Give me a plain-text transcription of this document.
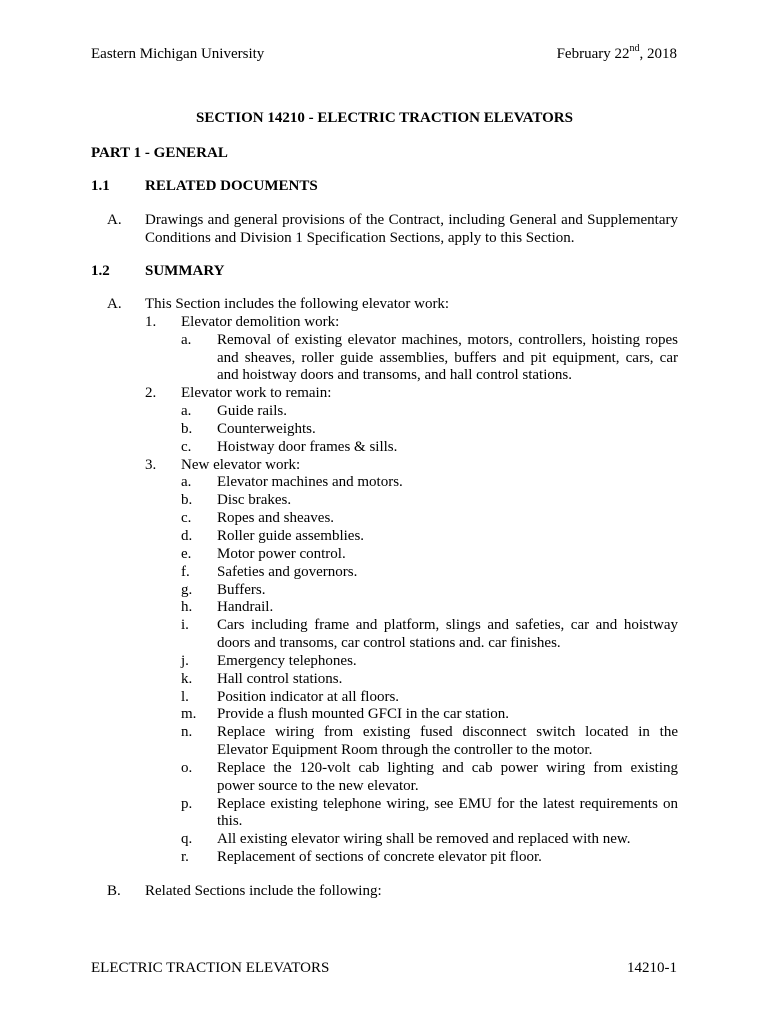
Eastern Michigan University	February 22nd, 2018
SECTION 14210 - ELECTRIC TRACTION ELEVATORS
PART 1 - GENERAL
1.1 RELATED DOCUMENTS
A. Drawings and general provisions of the Contract, including General and Supplementary
Conditions and Division 1 Specification Sections, apply to this Section.
1.2 SUMMARY
A. This Section includes the following elevator work:
1. Elevator demolition work:
a. Removal of existing elevator machines, motors, controllers, hoisting ropes
and sheaves, roller guide assemblies, buffers and pit equipment, cars, car
and hoistway doors and transoms, and hall control stations.
2. Elevator work to remain:
a. Guide rails.
b. Counterweights.
c. Hoistway door frames & sills.
3. New elevator work:
a. Elevator machines and motors.
b. Disc brakes.
c. Ropes and sheaves.
d. Roller guide assemblies.
e. Motor power control.
f. Safeties and governors.
g. Buffers.
h. Handrail.
i. Cars including frame and platform, slings and safeties, car and hoistway
doors and transoms, car control stations and. car finishes.
j. Emergency telephones.
k. Hall control stations.
l. Position indicator at all floors.
m. Provide a flush mounted GFCI in the car station.
n. Replace wiring from existing fused disconnect switch located in the
Elevator Equipment Room through the controller to the motor.
o. Replace the 120-volt cab lighting and cab power wiring from existing
power source to the new elevator.
p. Replace existing telephone wiring, see EMU for the latest requirements on
this.
q. All existing elevator wiring shall be removed and replaced with new.
r. Replacement of sections of concrete elevator pit floor.
B. Related Sections include the following:
ELECTRIC TRACTION ELEVATORS	14210-1
